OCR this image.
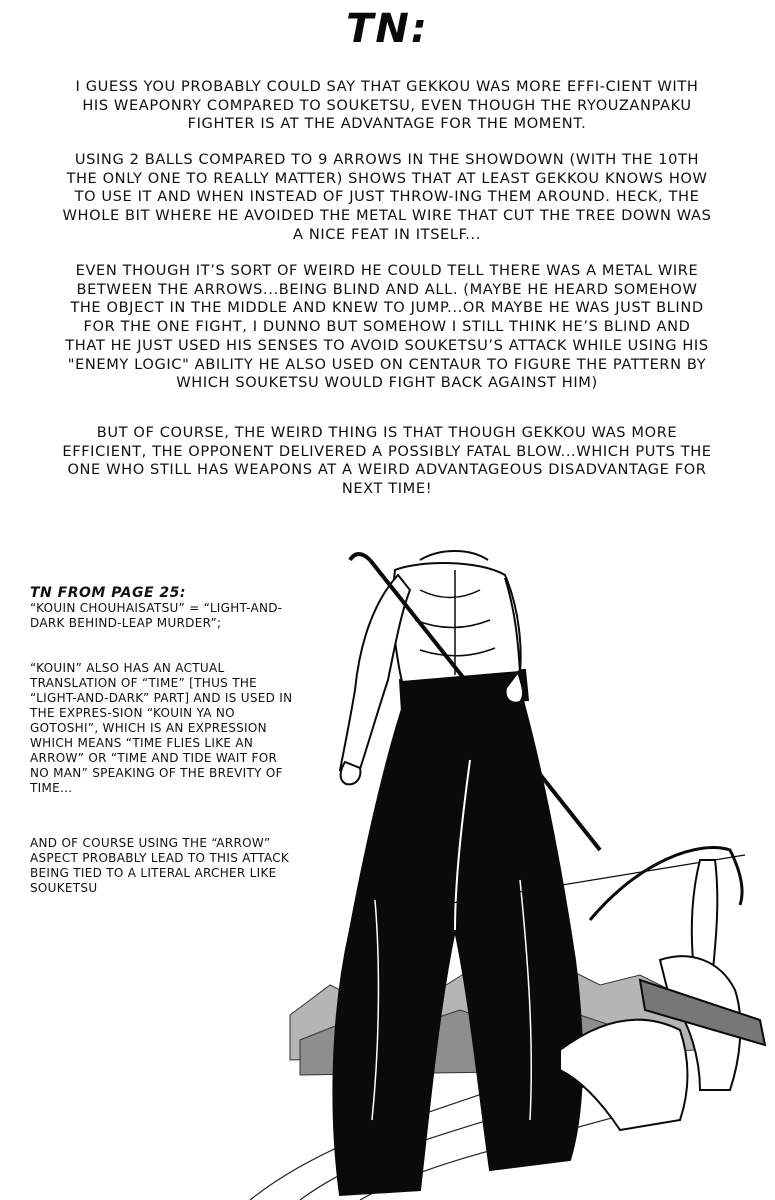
TN:
I GUESS YOU PROBABLY COULD SAY THAT GEKKOU WAS MORE EFFI-CIENT WITH HIS WEAPONRY COMPARED TO SOUKETSU, EVEN THOUGH THE RYOUZANPAKU FIGHTER IS AT THE ADVANTAGE FOR THE MOMENT.
USING 2 BALLS COMPARED TO 9 ARROWS IN THE SHOWDOWN (WITH THE 10TH THE ONLY ONE TO REALLY MATTER) SHOWS THAT AT LEAST GEKKOU KNOWS HOW TO USE IT AND WHEN INSTEAD OF JUST THROW-ING THEM AROUND. HECK, THE WHOLE BIT WHERE HE AVOIDED THE METAL WIRE THAT CUT THE TREE DOWN WAS A NICE FEAT IN ITSELF...
EVEN THOUGH IT’S SORT OF WEIRD HE COULD TELL THERE WAS A METAL WIRE BETWEEN THE ARROWS...BEING BLIND AND ALL. (MAYBE HE HEARD SOMEHOW THE OBJECT IN THE MIDDLE AND KNEW TO JUMP...OR MAYBE HE WAS JUST BLIND FOR THE ONE FIGHT, I DUNNO BUT SOMEHOW I STILL THINK HE’S BLIND AND THAT HE JUST USED HIS SENSES TO AVOID SOUKETSU’S ATTACK WHILE USING HIS "ENEMY LOGIC" ABILITY HE ALSO USED ON CENTAUR TO FIGURE THE PATTERN BY WHICH SOUKETSU WOULD FIGHT BACK AGAINST HIM)
BUT OF COURSE, THE WEIRD THING IS THAT THOUGH GEKKOU WAS MORE EFFICIENT, THE OPPONENT DELIVERED A POSSIBLY FATAL BLOW...WHICH PUTS THE ONE WHO STILL HAS WEAPONS AT A WEIRD ADVANTAGEOUS DISADVANTAGE FOR NEXT TIME!
TN FROM PAGE 25:
“KOUIN CHOUHAISATSU” = “LIGHT-AND-DARK BEHIND-LEAP MURDER”;
“KOUIN” ALSO HAS AN ACTUAL TRANSLATION OF “TIME” [THUS THE “LIGHT-AND-DARK” PART] AND IS USED IN THE EXPRES-SION “KOUIN YA NO GOTOSHI”, WHICH IS AN EXPRESSION WHICH MEANS “TIME FLIES LIKE AN ARROW” OR “TIME AND TIDE WAIT FOR NO MAN” SPEAKING OF THE BREVITY OF TIME...
AND OF COURSE USING THE “ARROW” ASPECT PROBABLY LEAD TO THIS ATTACK BEING TIED TO A LITERAL ARCHER LIKE SOUKETSU
